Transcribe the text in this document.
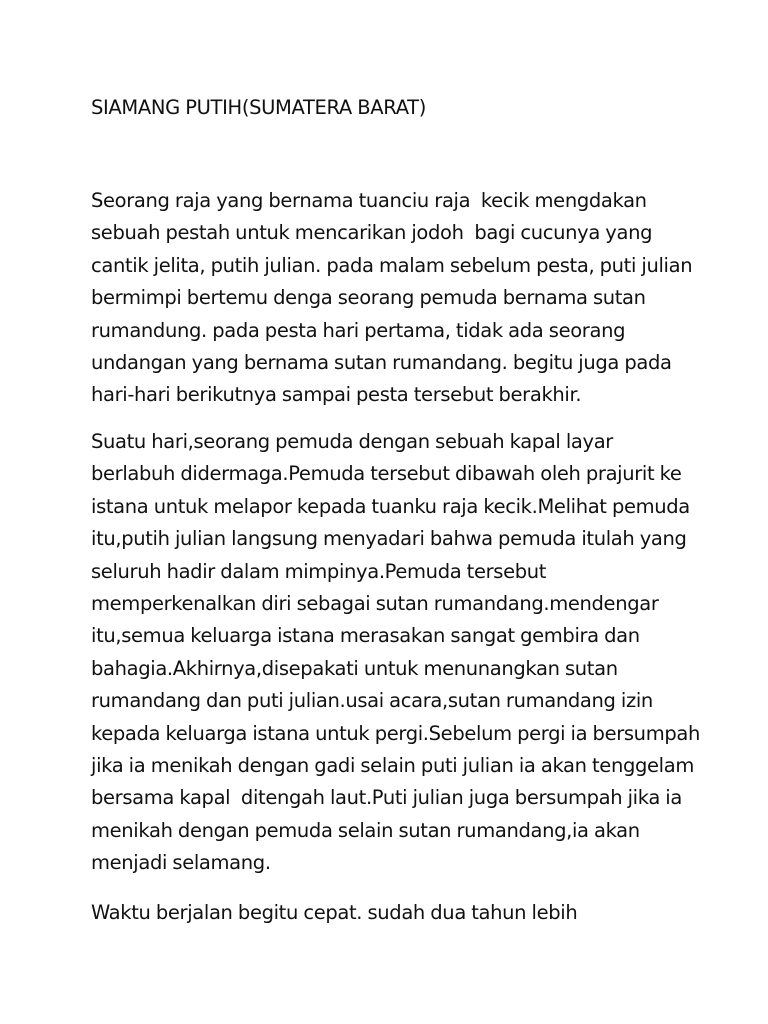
SIAMANG PUTIH(SUMATERA BARAT)
Seorang raja yang bernama tuanciu raja  kecik mengdakan
sebuah pestah untuk mencarikan jodoh  bagi cucunya yang
cantik jelita, putih julian. pada malam sebelum pesta, puti julian
bermimpi bertemu denga seorang pemuda bernama sutan
rumandung. pada pesta hari pertama, tidak ada seorang
undangan yang bernama sutan rumandang. begitu juga pada
hari-hari berikutnya sampai pesta tersebut berakhir.
Suatu hari,seorang pemuda dengan sebuah kapal layar
berlabuh didermaga.Pemuda tersebut dibawah oleh prajurit ke
istana untuk melapor kepada tuanku raja kecik.Melihat pemuda
itu,putih julian langsung menyadari bahwa pemuda itulah yang
seluruh hadir dalam mimpinya.Pemuda tersebut
memperkenalkan diri sebagai sutan rumandang.mendengar
itu,semua keluarga istana merasakan sangat gembira dan
bahagia.Akhirnya,disepakati untuk menunangkan sutan
rumandang dan puti julian.usai acara,sutan rumandang izin
kepada keluarga istana untuk pergi.Sebelum pergi ia bersumpah
jika ia menikah dengan gadi selain puti julian ia akan tenggelam
bersama kapal  ditengah laut.Puti julian juga bersumpah jika ia
menikah dengan pemuda selain sutan rumandang,ia akan
menjadi selamang.
Waktu berjalan begitu cepat. sudah dua tahun lebih
